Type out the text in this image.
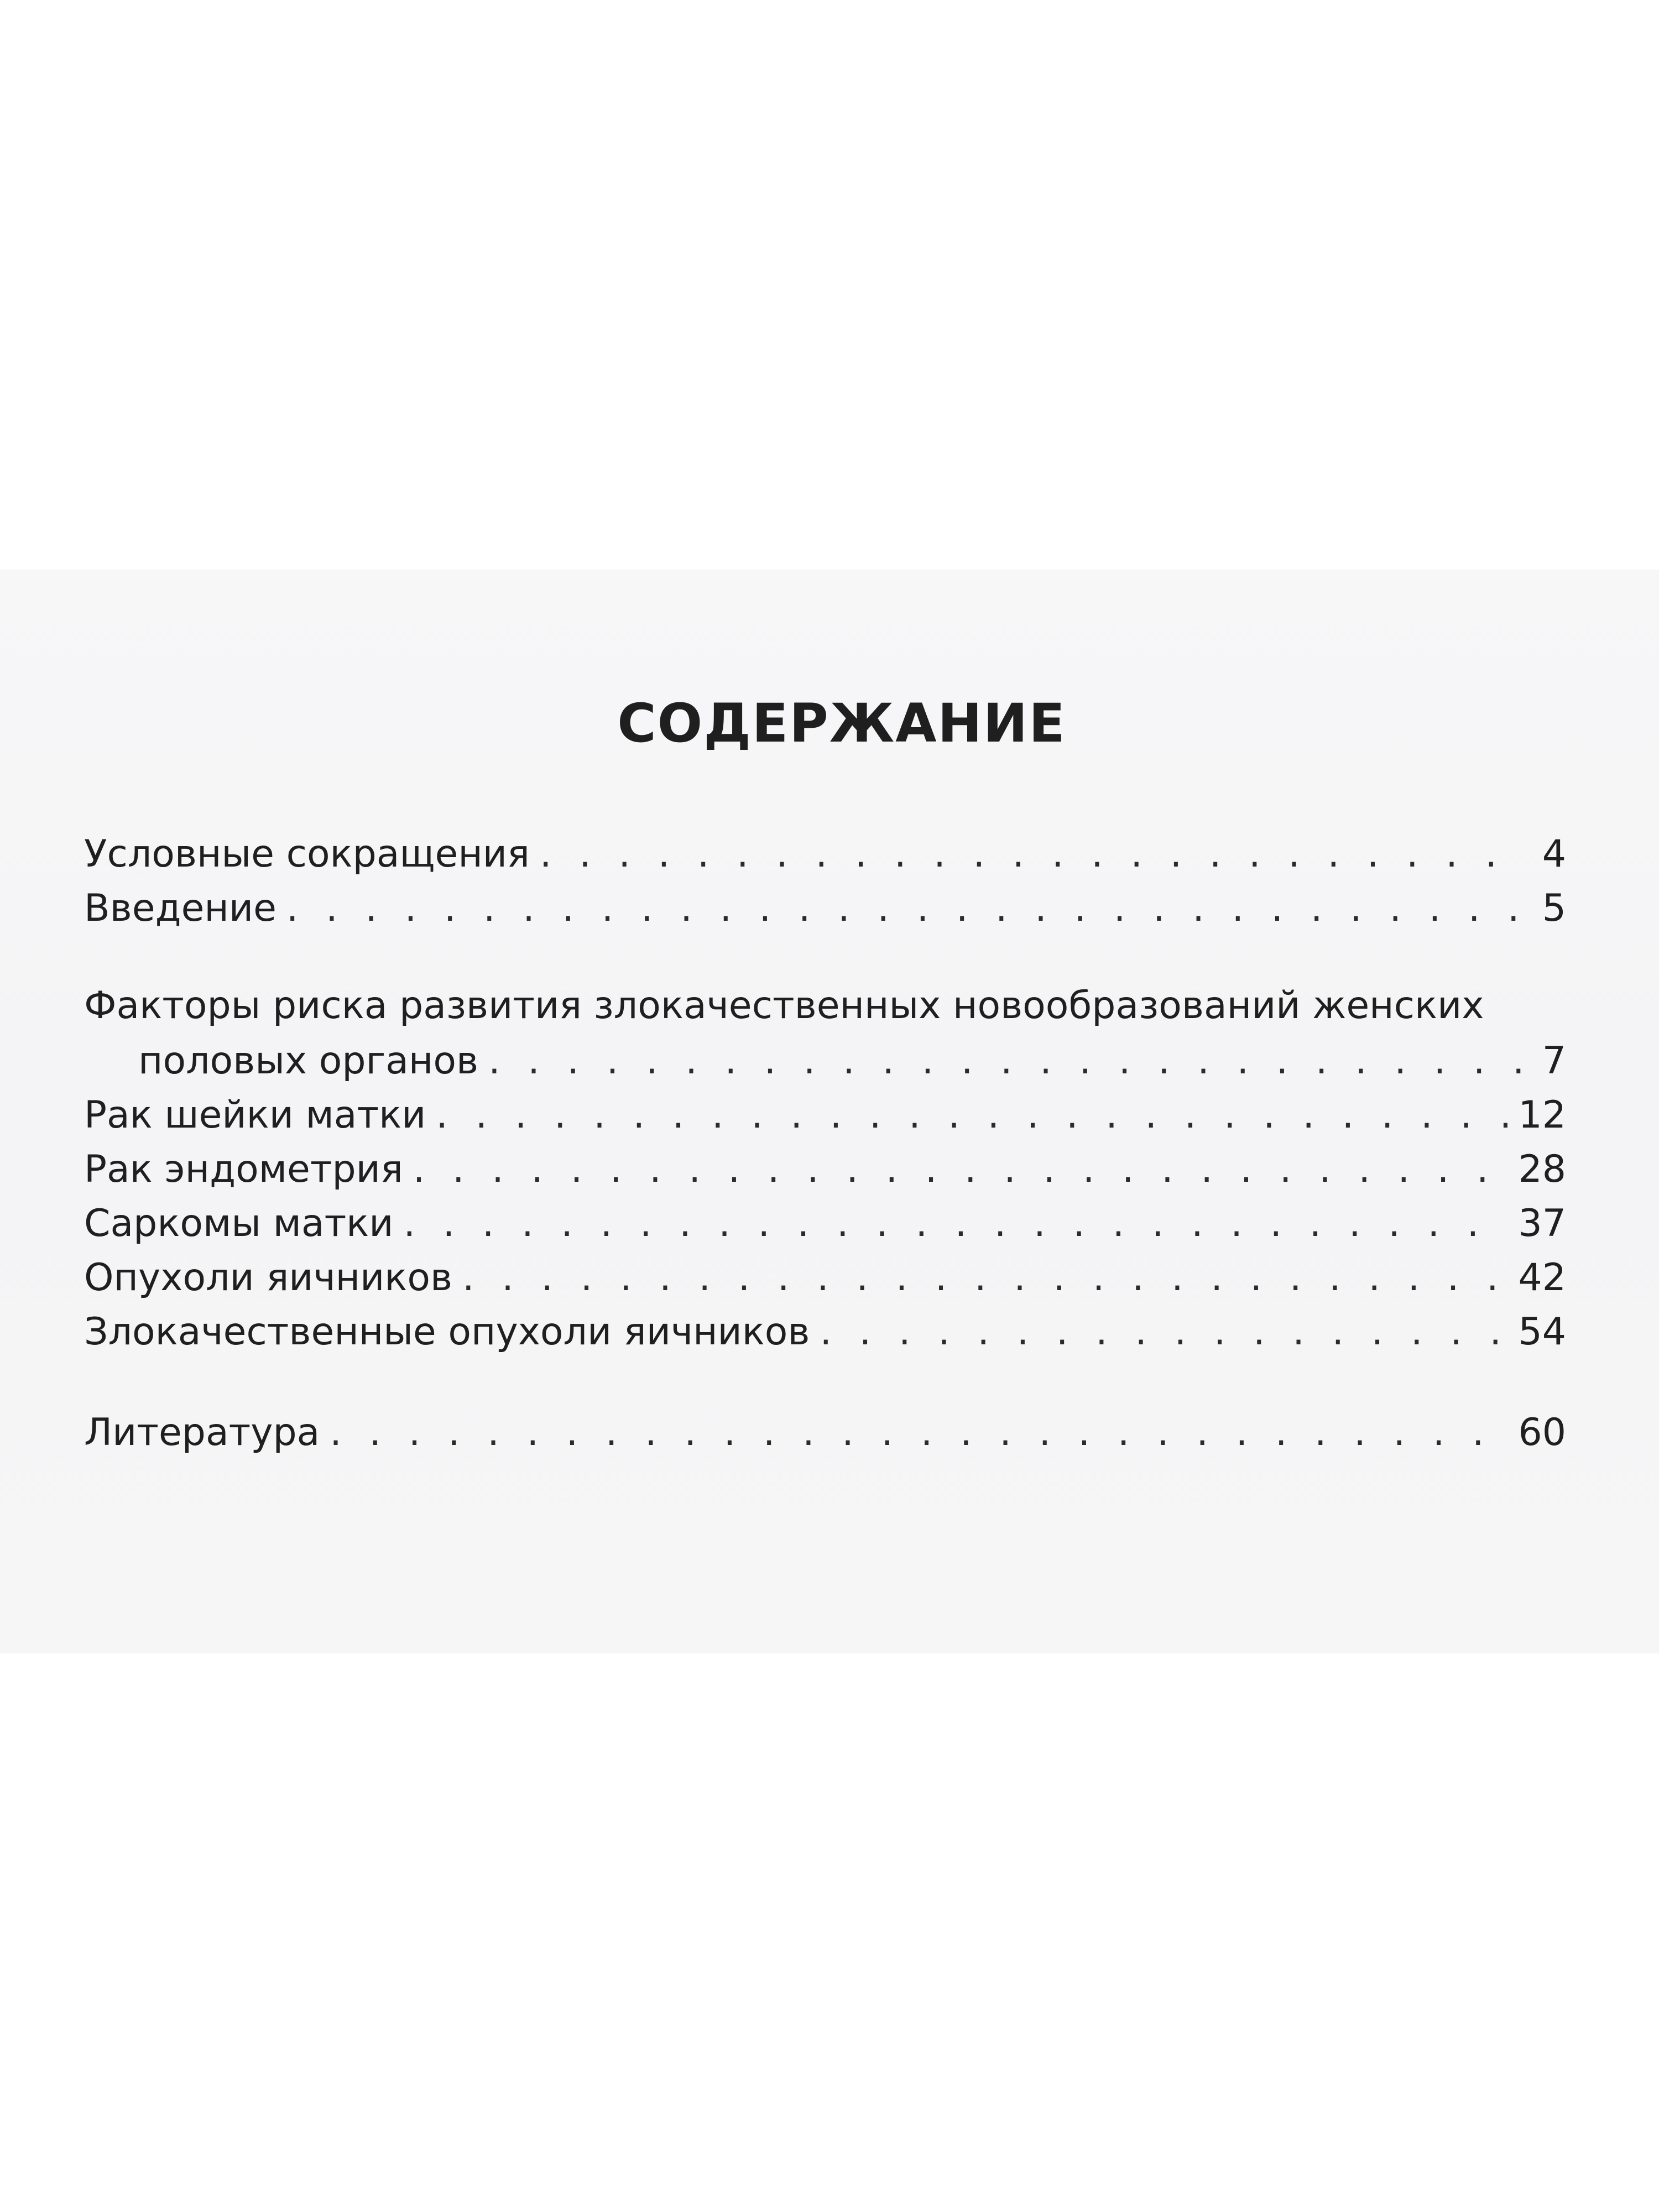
СОДЕРЖАНИЕ
Условные сокращения . . .	4
Введение . . .	5
Факторы риска развития злокачественных новообразований женских
половых органов . . .	7
Рак шейки матки . . .	12
Рак эндометрия . . .	28
Саркомы матки . . .	37
Опухоли яичников . . .	42
Злокачественные опухоли яичников . . .	54
Литература . . .	60
